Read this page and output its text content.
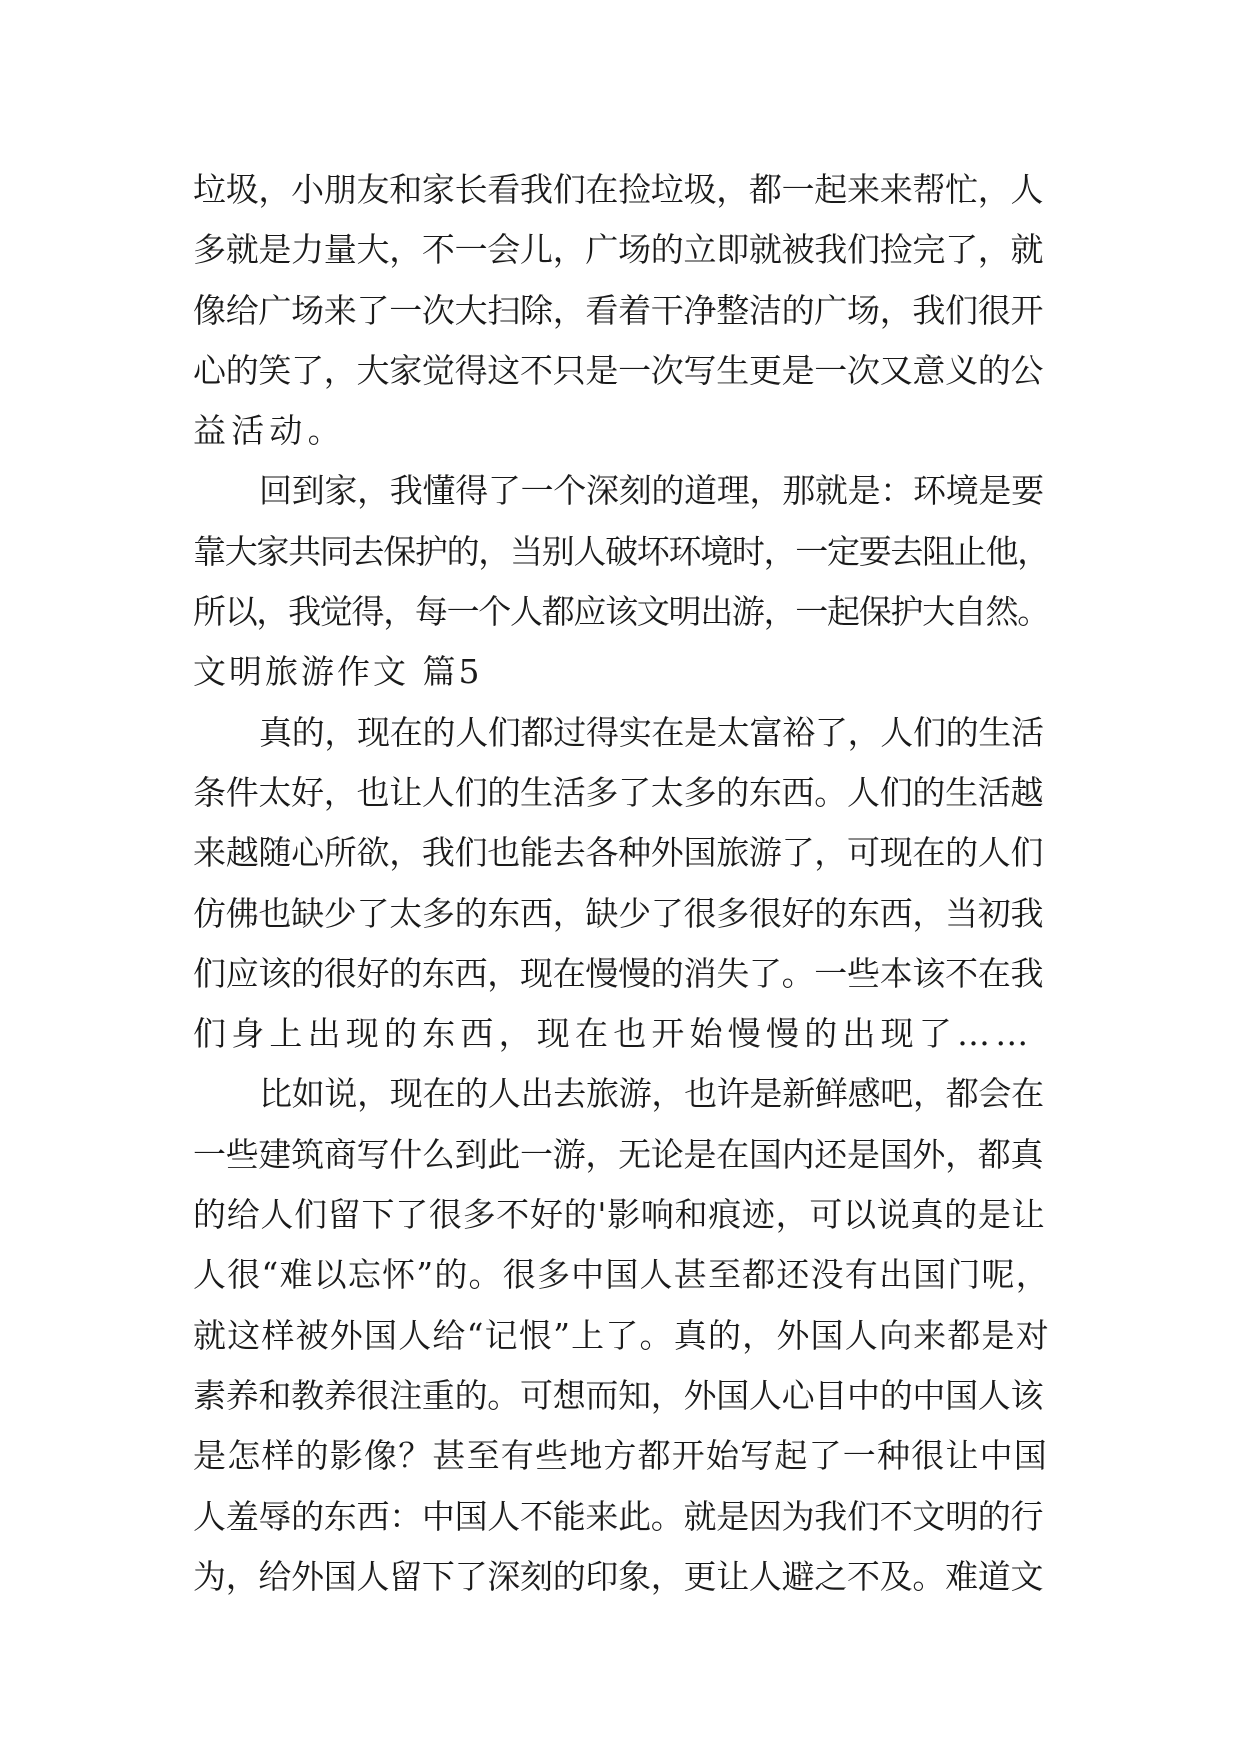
垃圾，小朋友和家长看我们在捡垃圾，都一起来来帮忙，人
多就是力量大，不一会儿，广场的立即就被我们捡完了，就
像给广场来了一次大扫除，看着干净整洁的广场，我们很开
心的笑了，大家觉得这不只是一次写生更是一次又意义的公
益活动。
回到家，我懂得了一个深刻的道理，那就是：环境是要
靠大家共同去保护的，当别人破坏环境时，一定要去阻止他，
所以，我觉得，每一个人都应该文明出游，一起保护大自然。
文明旅游作文 篇5
真的，现在的人们都过得实在是太富裕了，人们的生活
条件太好，也让人们的生活多了太多的东西。人们的生活越
来越随心所欲，我们也能去各种外国旅游了，可现在的人们
仿佛也缺少了太多的东西，缺少了很多很好的东西，当初我
们应该的很好的东西，现在慢慢的消失了。一些本该不在我
们身上出现的东西，现在也开始慢慢的出现了……
比如说，现在的人出去旅游，也许是新鲜感吧，都会在
一些建筑商写什么到此一游，无论是在国内还是国外，都真
的给人们留下了很多不好的'影响和痕迹，可以说真的是让
人很“难以忘怀”的。很多中国人甚至都还没有出国门呢，
就这样被外国人给“记恨”上了。真的，外国人向来都是对
素养和教养很注重的。可想而知，外国人心目中的中国人该
是怎样的影像？甚至有些地方都开始写起了一种很让中国
人羞辱的东西：中国人不能来此。就是因为我们不文明的行
为，给外国人留下了深刻的印象，更让人避之不及。难道文
